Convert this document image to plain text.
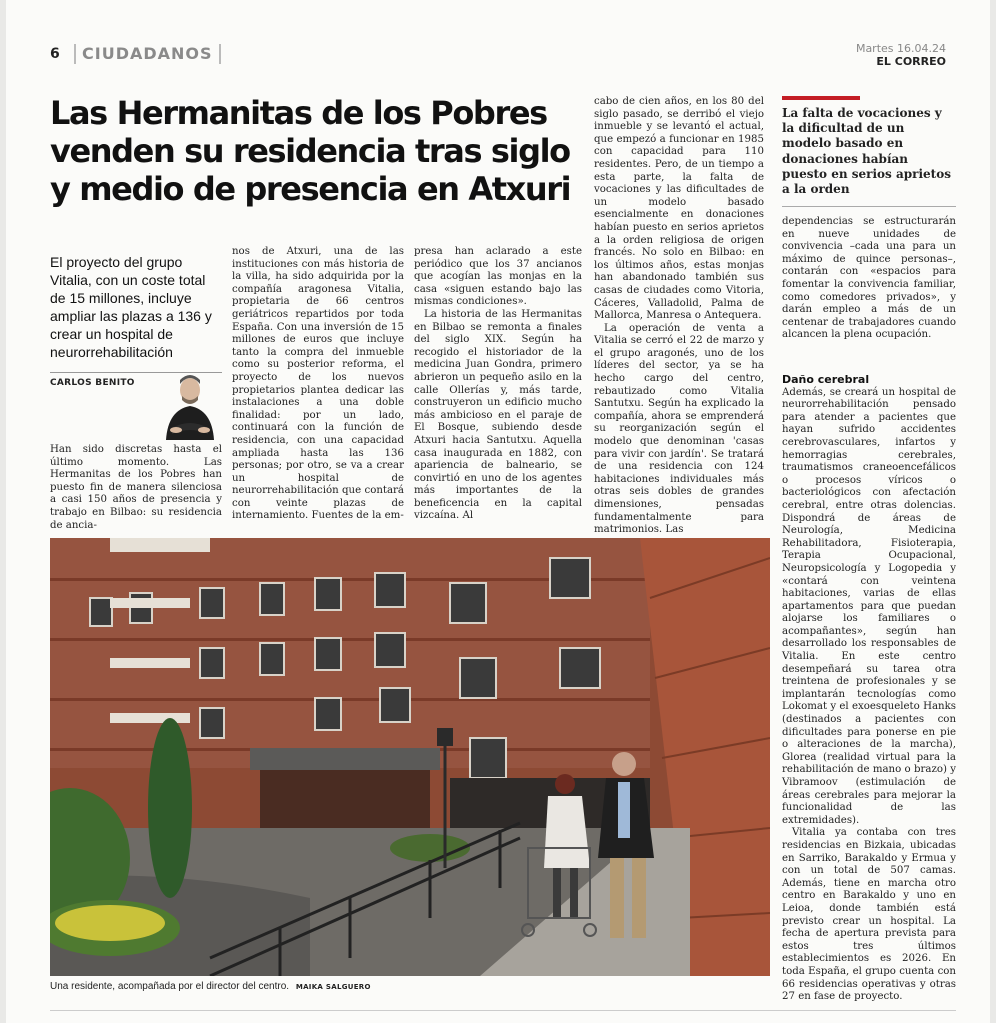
6	CIUDADANOS	Martes 16.04.24
EL CORREO
Las Hermanitas de los Pobres venden su residencia tras siglo y medio de presencia en Atxuri
El proyecto del grupo Vitalia, con un coste total de 15 millones, incluye ampliar las plazas a 136 y crear un hospital de neurorrehabilitación
CARLOS BENITO

Han sido discretas hasta el último momento. Las Hermanitas de los Pobres han puesto fin de manera silenciosa a casi 150 años de presencia y trabajo en Bilbao: su residencia de ancia-

nos de Atxuri, una de las instituciones con más historia de la villa, ha sido adquirida por la compañía aragonesa Vitalia, propietaria de 66 centros geriátricos repartidos por toda España. Con una inversión de 15 millones de euros que incluye tanto la compra del inmueble como su posterior reforma, el proyecto de los nuevos propietarios plantea dedicar las instalaciones a una doble finalidad: por un lado, continuará con la función de residencia, con una capacidad ampliada hasta las 136 personas; por otro, se va a crear un hospital de neurorrehabilitación que contará con veinte plazas de internamiento. Fuentes de la em-

presa han aclarado a este periódico que los 37 ancianos que acogían las monjas en la casa «siguen estando bajo las mismas condiciones».

La historia de las Hermanitas en Bilbao se remonta a finales del siglo XIX. Según ha recogido el historiador de la medicina Juan Gondra, primero abrieron un pequeño asilo en la calle Ollerías y, más tarde, construyeron un edificio mucho más ambicioso en el paraje de El Bosque, subiendo desde Atxuri hacia Santutxu. Aquella casa inaugurada en 1882, con apariencia de balneario, se convirtió en uno de los agentes más importantes de la beneficencia en la capital vizcaína. Al

cabo de cien años, en los 80 del siglo pasado, se derribó el viejo inmueble y se levantó el actual, que empezó a funcionar en 1985 con capacidad para 110 residentes. Pero, de un tiempo a esta parte, la falta de vocaciones y las dificultades de un modelo basado esencialmente en donaciones habían puesto en serios aprietos a la orden religiosa de origen francés. No solo en Bilbao: en los últimos años, estas monjas han abandonado también sus casas de ciudades como Vitoria, Cáceres, Valladolid, Palma de Mallorca, Manresa o Antequera.

La operación de venta a Vitalia se cerró el 22 de marzo y el grupo aragonés, uno de los líderes del sector, ya se ha hecho cargo del centro, rebautizado como Vitalia Santutxu. Según ha explicado la compañía, ahora se emprenderá su reorganización según el modelo que denominan 'casas para vivir con jardín'. Se tratará de una residencia con 124 habitaciones individuales más otras seis dobles de grandes dimensiones, pensadas fundamentalmente para matrimonios. Las

La falta de vocaciones y la dificultad de un modelo basado en donaciones habían puesto en serios aprietos a la orden

dependencias se estructurarán en nueve unidades de convivencia –cada una para un máximo de quince personas–, contarán con «espacios para fomentar la convivencia familiar, como comedores privados», y darán empleo a más de un centenar de trabajadores cuando alcancen la plena ocupación.

Daño cerebral

Además, se creará un hospital de neurorrehabilitación pensado para atender a pacientes que hayan sufrido accidentes cerebrovasculares, infartos y hemorragias cerebrales, traumatismos craneoencefálicos o procesos víricos o bacteriológicos con afectación cerebral, entre otras dolencias. Dispondrá de áreas de Neurología, Medicina Rehabilitadora, Fisioterapia, Terapia Ocupacional, Neuropsicología y Logopedia y «contará con veintena habitaciones, varias de ellas apartamentos para que puedan alojarse los familiares o acompañantes», según han desarrollado los responsables de Vitalia. En este centro desempeñará su tarea otra treintena de profesionales y se implantarán tecnologías como Lokomat y el exoesqueleto Hanks (destinados a pacientes con dificultades para ponerse en pie o alteraciones de la marcha), Glorea (realidad virtual para la rehabilitación de mano o brazo) y Vibramoov (estimulación de áreas cerebrales para mejorar la funcionalidad de las extremidades).

Vitalia ya contaba con tres residencias en Bizkaia, ubicadas en Sarriko, Barakaldo y Ermua y con un total de 507 camas. Además, tiene en marcha otro centro en Barakaldo y uno en Leioa, donde también está previsto crear un hospital. La fecha de apertura prevista para estos tres últimos establecimientos es 2026. En toda España, el grupo cuenta con 66 residencias operativas y otras 27 en fase de proyecto.

Una residente, acompañada por el director del centro. MAIKA SALGUERO
